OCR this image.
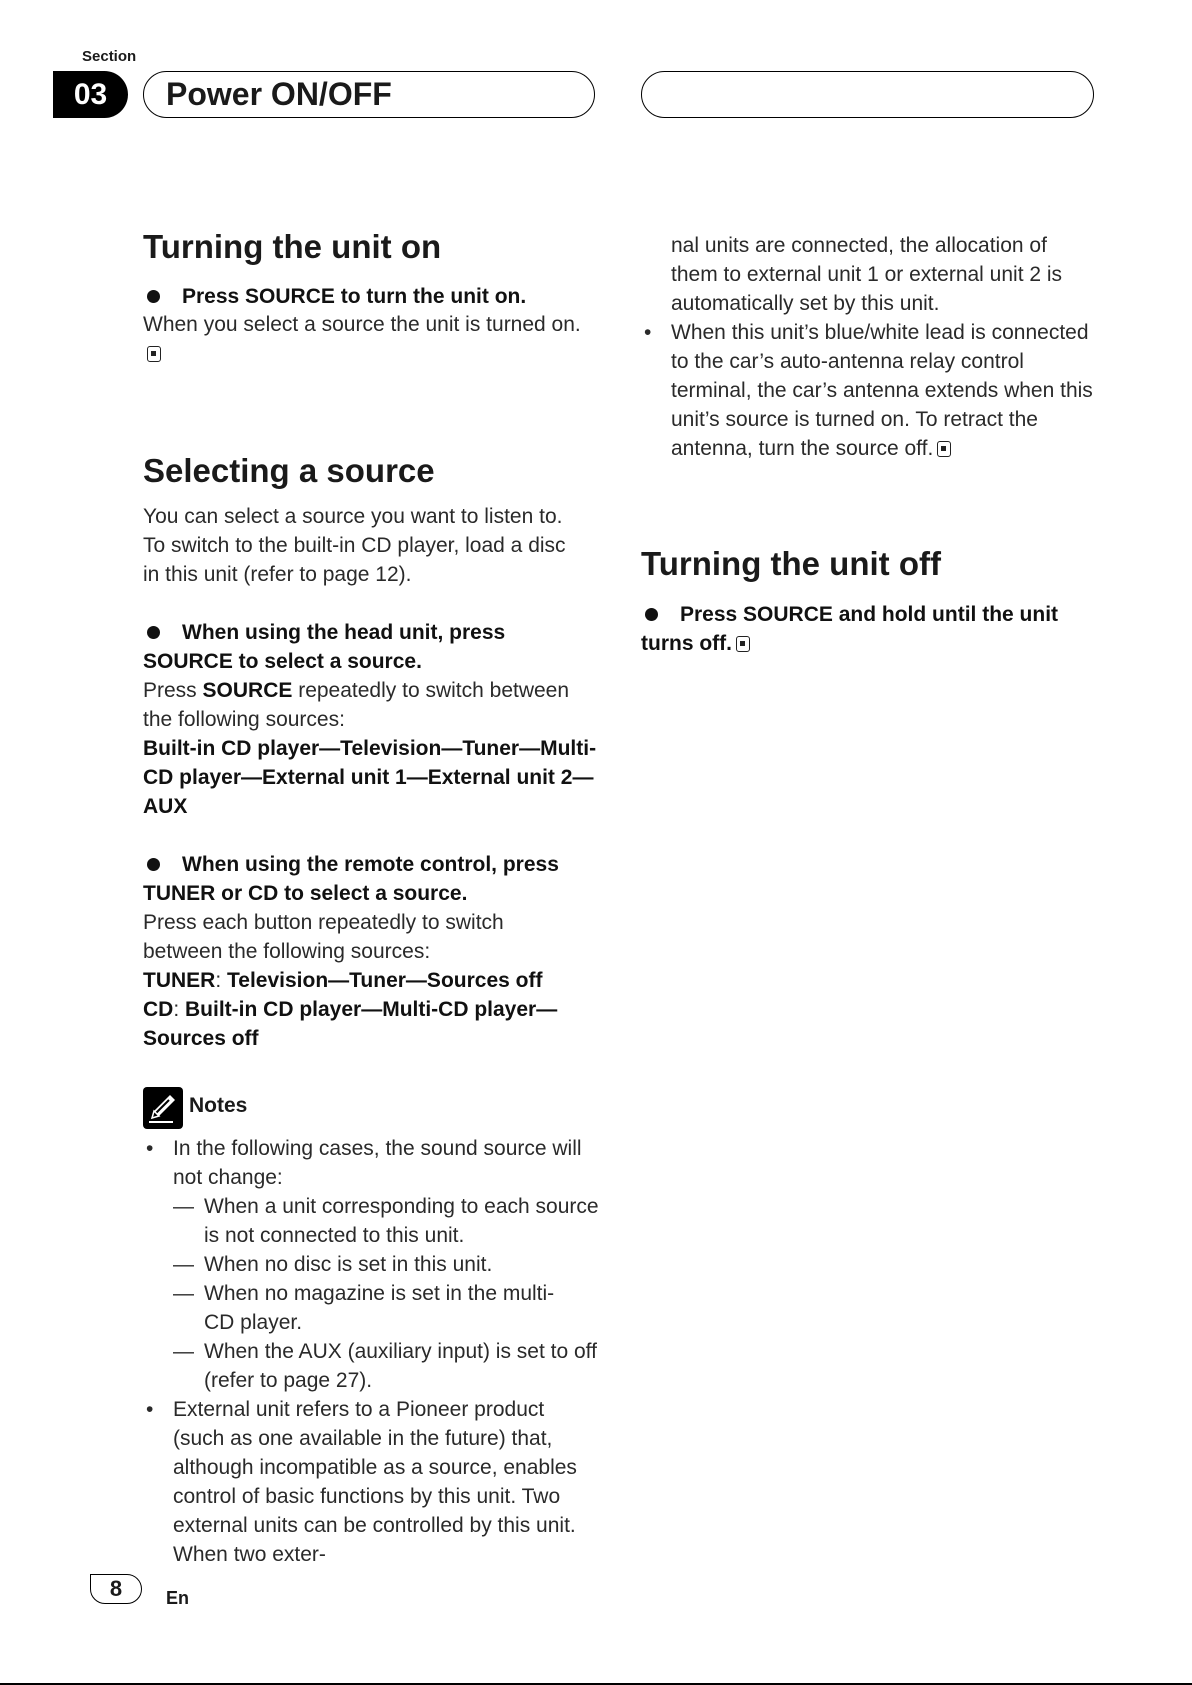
Section
03	Power ON/OFF
Turning the unit on

Press SOURCE to turn the unit on.

When you select a source the unit is turned on.

Selecting a source

You can select a source you want to listen to. To switch to the built-in CD player, load a disc in this unit (refer to page 12).

When using the head unit, press
SOURCE to select a source.

Press SOURCE repeatedly to switch between the following sources:

Built-in CD player—Television—Tuner—Multi-CD player—External unit 1—External unit 2—AUX

When using the remote control, press
TUNER or CD to select a source.

Press each button repeatedly to switch between the following sources:

TUNER: Television—Tuner—Sources off

CD: Built-in CD player—Multi-CD player—Sources off

Notes

• In the following cases, the sound source will not change:

— When a unit corresponding to each source is not connected to this unit.

— When no disc is set in this unit.

— When no magazine is set in the multi-CD player.

— When the AUX (auxiliary input) is set to off (refer to page 27).

• External unit refers to a Pioneer product (such as one available in the future) that, although incompatible as a source, enables control of basic functions by this unit. Two external units can be controlled by this unit. When two exter-

nal units are connected, the allocation of them to external unit 1 or external unit 2 is automatically set by this unit.

• When this unit’s blue/white lead is connected to the car’s auto-antenna relay control terminal, the car’s antenna extends when this unit’s source is turned on. To retract the antenna, turn the source off.

Turning the unit off

Press SOURCE and hold until the unit
turns off.

8	En
